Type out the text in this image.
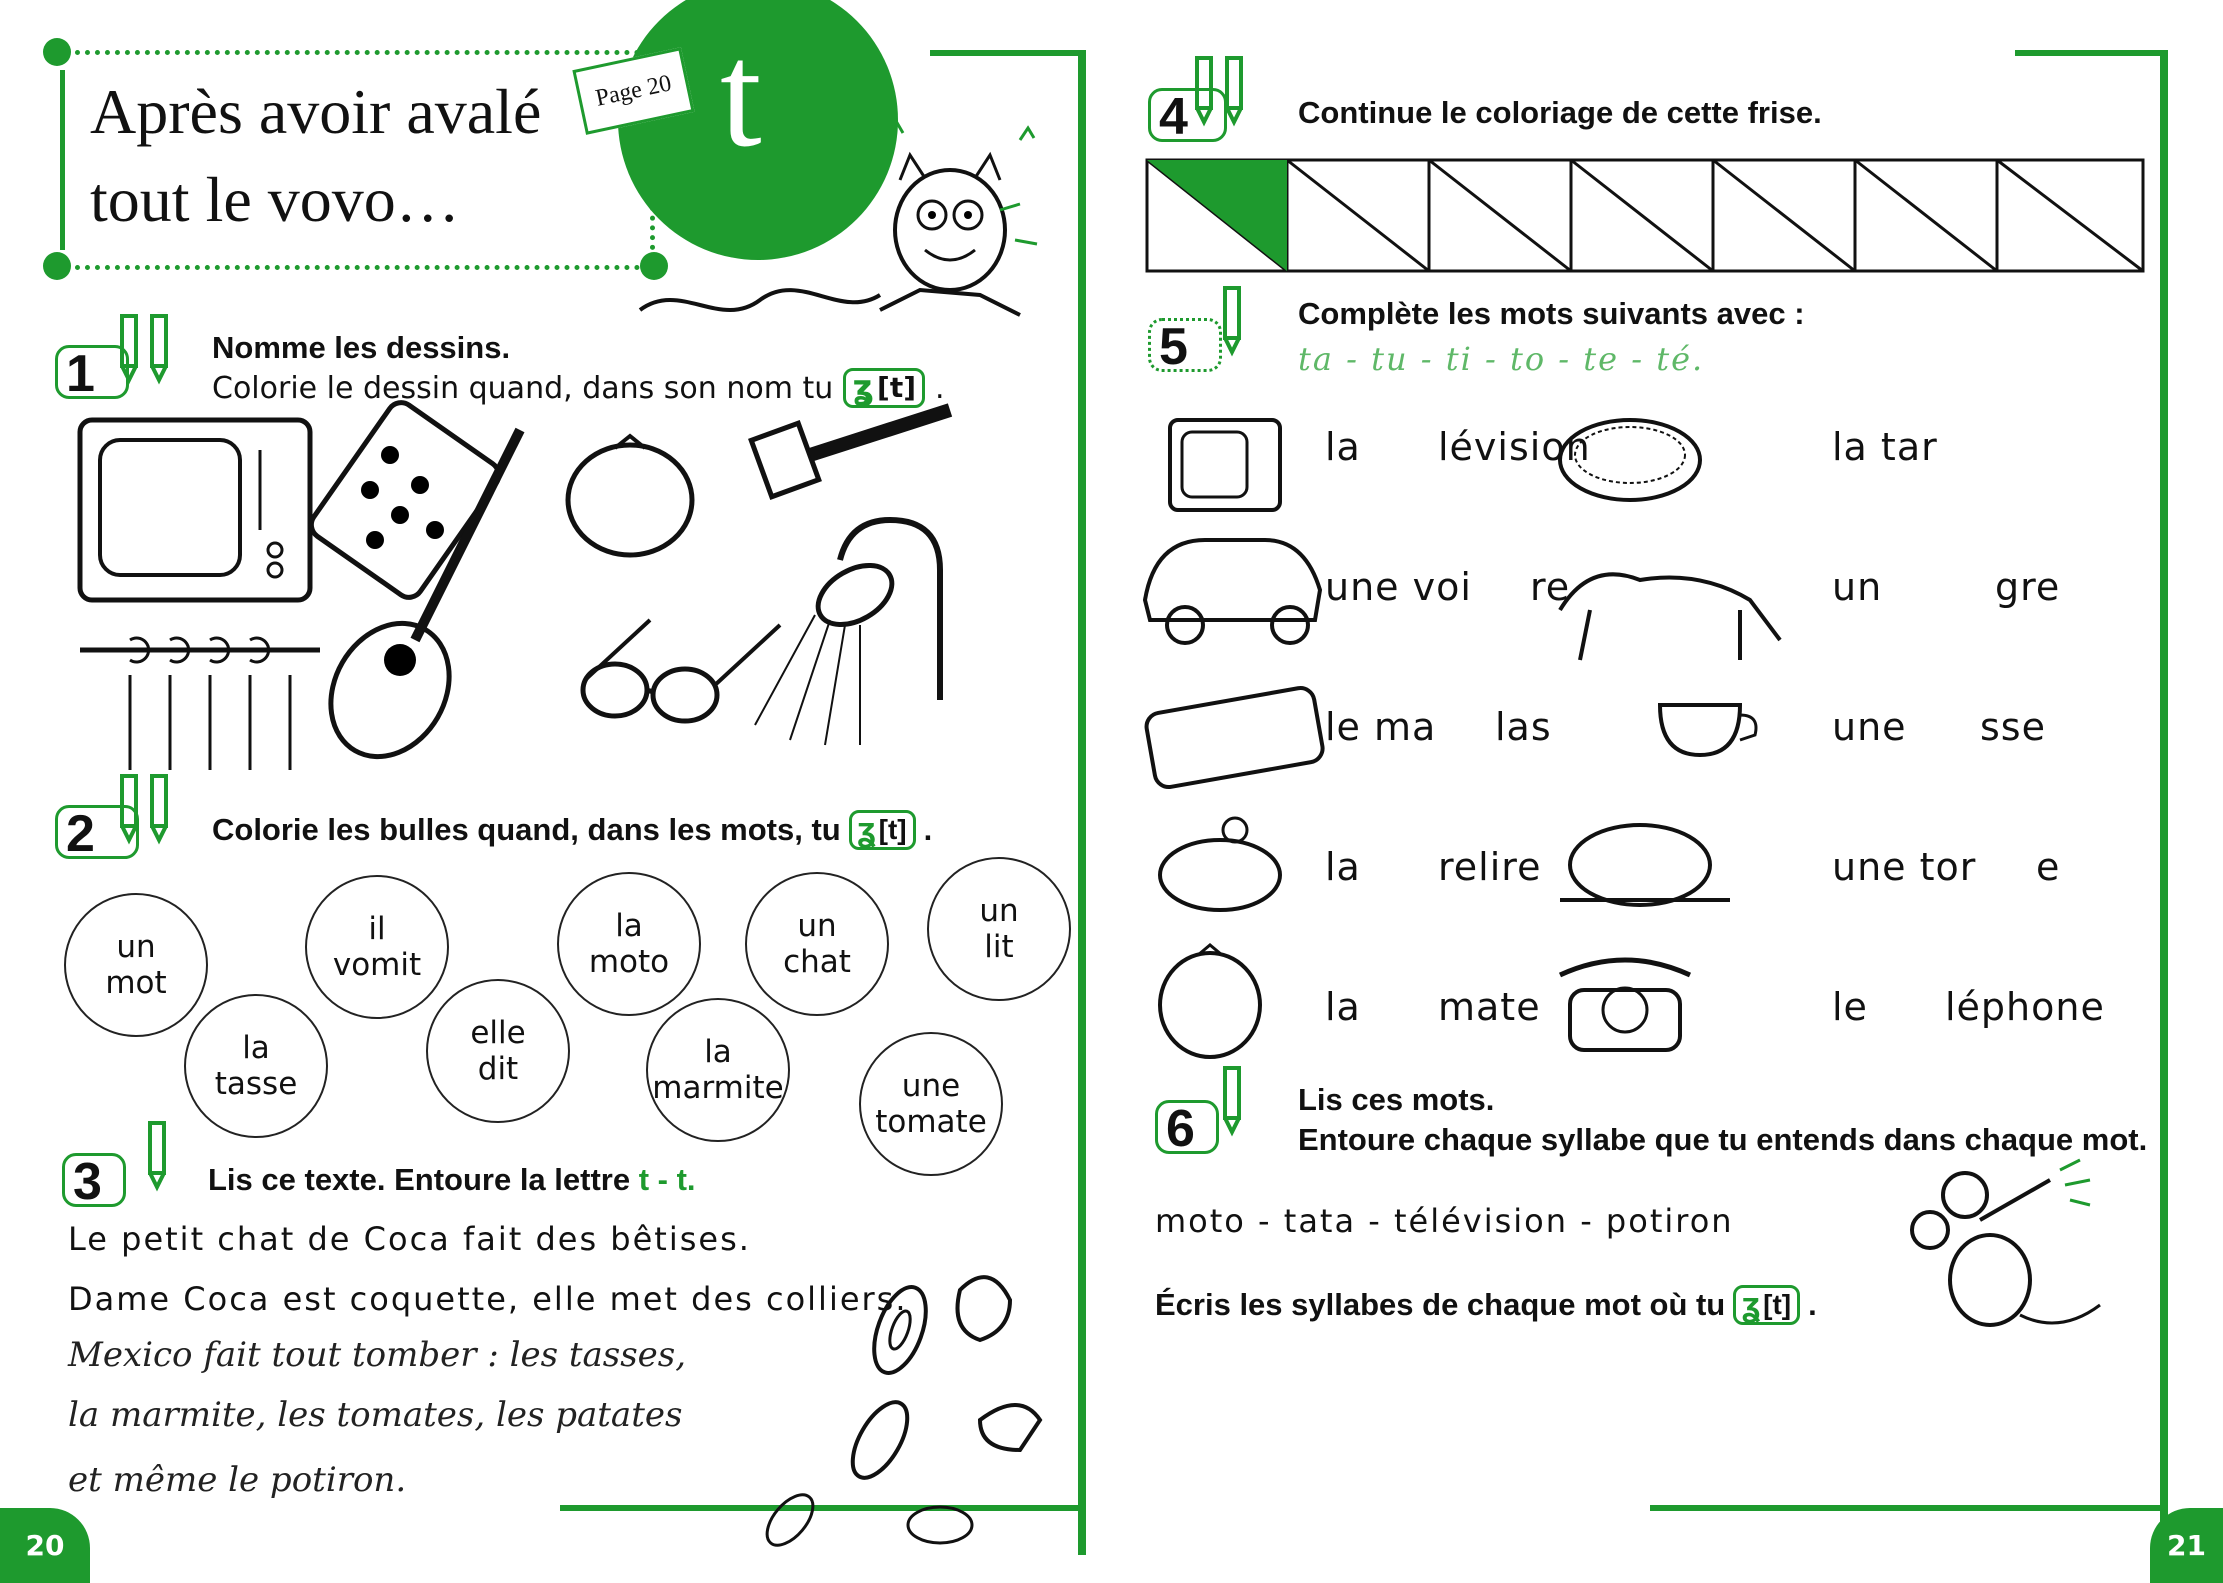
Après avoir avalé
tout le vovo…
t
Page 20
1	Nomme les dessins.
Colorie le dessin quand, dans son nom tu ʓ [t] .
2	Colorie les bulles quand, dans les mots, tu ʓ [t] .
un
mot
il
vomit
la
moto
un
chat
un
lit
la
tasse
elle
dit	la
marmite	une
tomate
3	Lis ce texte. Entoure la lettre t - t.
Le petit chat de Coca fait des bêtises.
Dame Coca est coquette, elle met des colliers.
Mexico fait tout tomber : les tasses,
la marmite, les tomates, les patates
et même le potiron.
20
4	Continue le coloriage de cette frise.
5
Complète les mots suivants avec :
ta - tu - ti - to - te - té.
la lévision	la tar
une voi re	un	gre
le ma las	une sse
la relire	une tor e
la mate	le léphone
6
Lis ces mots.
Entoure chaque syllabe que tu entends dans chaque mot.
moto - tata - télévision - potiron
Écris les syllabes de chaque mot où tu ʓ [t] .
21
